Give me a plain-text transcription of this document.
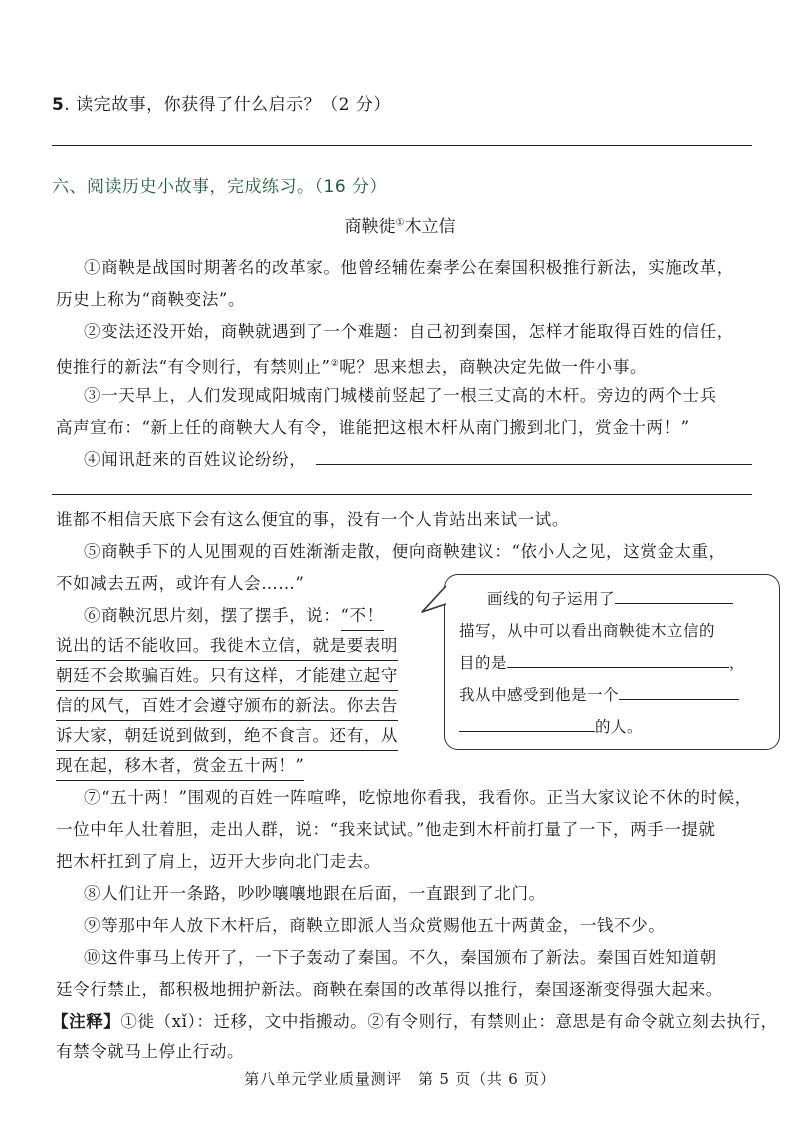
5. 读完故事，你获得了什么启示？（2 分）
六、阅读历史小故事，完成练习。（16 分）
商鞅徙①木立信
①商鞅是战国时期著名的改革家。他曾经辅佐秦孝公在秦国积极推行新法，实施改革，
历史上称为“商鞅变法”。
②变法还没开始，商鞅就遇到了一个难题：自己初到秦国，怎样才能取得百姓的信任，
使推行的新法“有令则行，有禁则止”②呢？思来想去，商鞅决定先做一件小事。
③一天早上，人们发现咸阳城南门城楼前竖起了一根三丈高的木杆。旁边的两个士兵
高声宣布：“新上任的商鞅大人有令，谁能把这根木杆从南门搬到北门，赏金十两！”
④闻讯赶来的百姓议论纷纷，
谁都不相信天底下会有这么便宜的事，没有一个人肯站出来试一试。
⑤商鞅手下的人见围观的百姓渐渐走散，便向商鞅建议：“依小人之见，这赏金太重，
不如减去五两，或许有人会……”
⑥商鞅沉思片刻，摆了摆手，说：“不！
说出的话不能收回。我徙木立信，就是要表明
朝廷不会欺骗百姓。只有这样，才能建立起守
信的风气，百姓才会遵守颁布的新法。你去告
诉大家，朝廷说到做到，绝不食言。还有，从
现在起，移木者，赏金五十两！”
画线的句子运用了
描写，从中可以看出商鞅徙木立信的
目的是	，
我从中感受到他是一个
的人。
⑦“五十两！”围观的百姓一阵喧哗，吃惊地你看我，我看你。正当大家议论不休的时候，
一位中年人壮着胆，走出人群，说：“我来试试。”他走到木杆前打量了一下，两手一提就
把木杆扛到了肩上，迈开大步向北门走去。
⑧人们让开一条路，吵吵嚷嚷地跟在后面，一直跟到了北门。
⑨等那中年人放下木杆后，商鞅立即派人当众赏赐他五十两黄金，一钱不少。
⑩这件事马上传开了，一下子轰动了秦国。不久，秦国颁布了新法。秦国百姓知道朝
廷令行禁止，都积极地拥护新法。商鞅在秦国的改革得以推行，秦国逐渐变得强大起来。
【注释】①徙（xǐ）：迁移，文中指搬动。②有令则行，有禁则止：意思是有命令就立刻去执行，
有禁令就马上停止行动。
第八单元学业质量测评　第 5 页（共 6 页）
